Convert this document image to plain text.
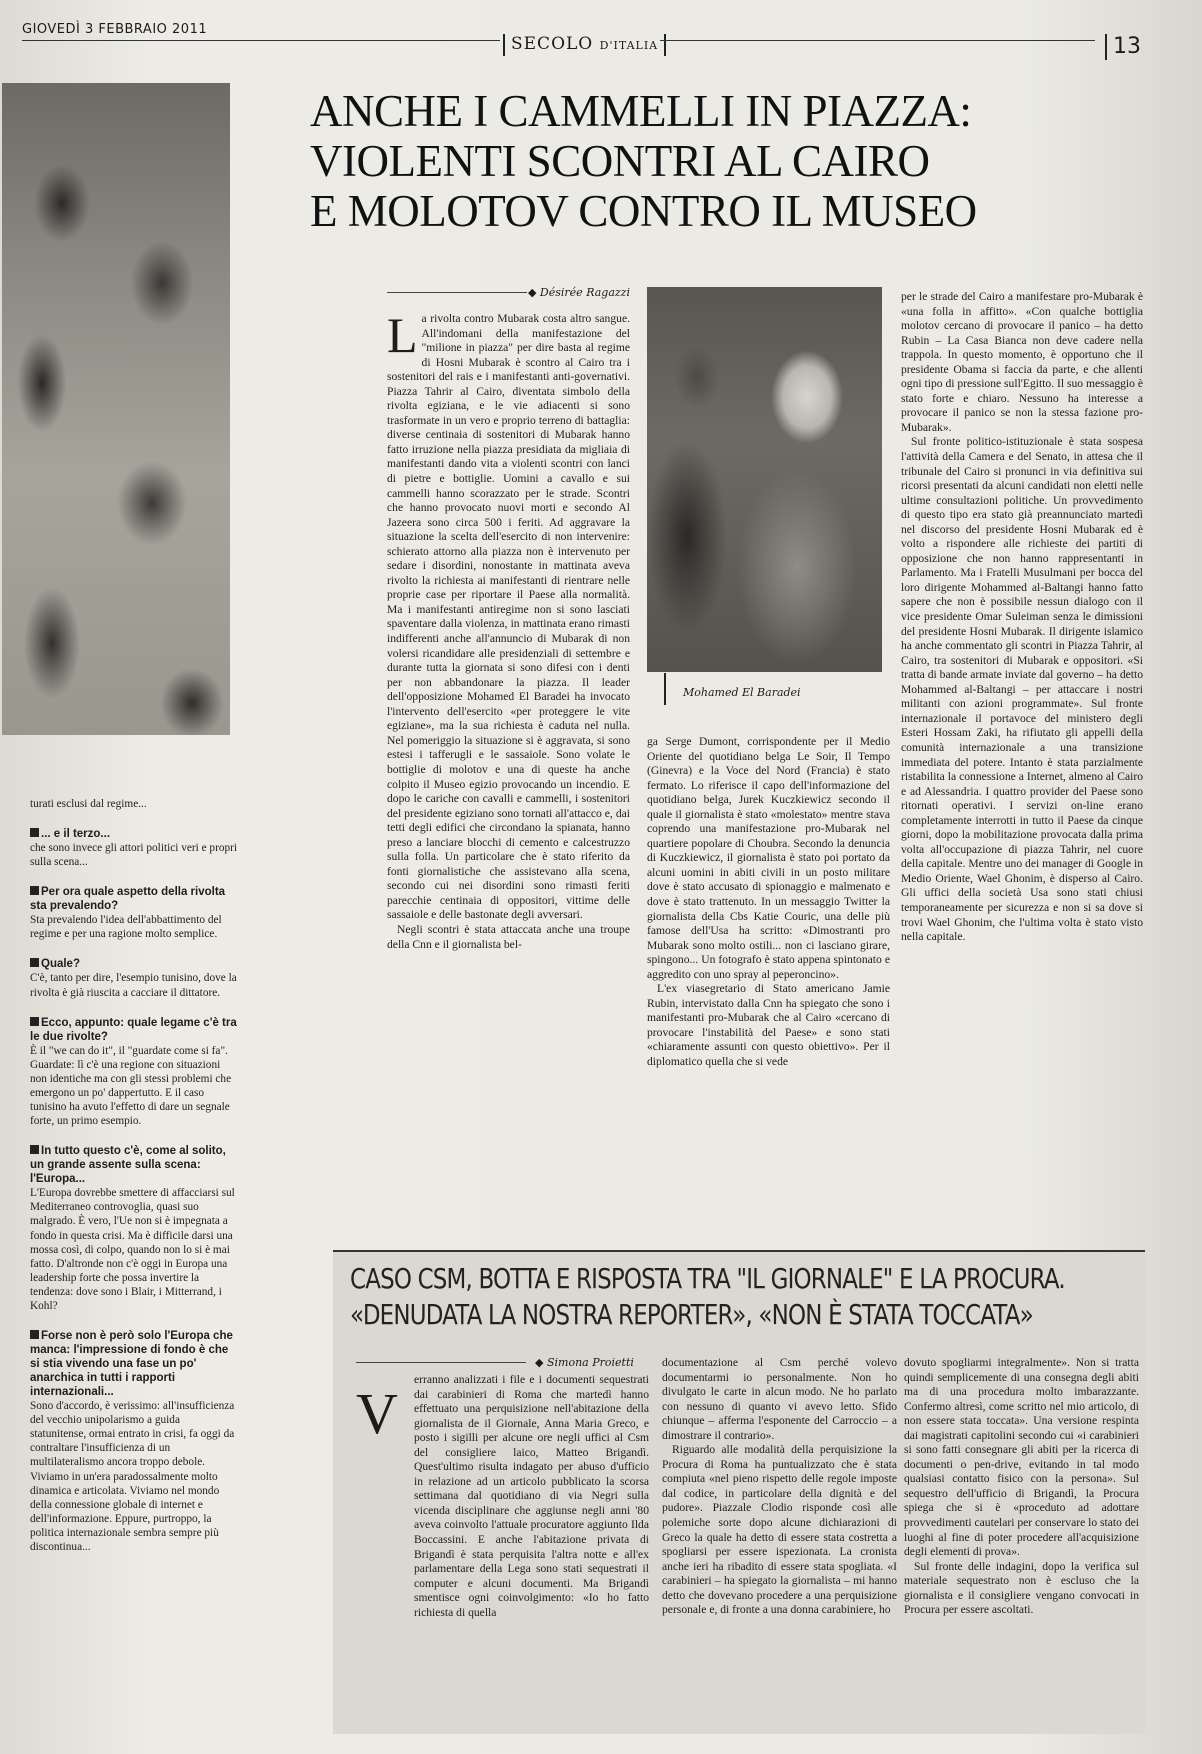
GIOVEDÌ 3 FEBBRAIO 2011
SECOLO D'ITALIA	13
ANCHE I CAMMELLI IN PIAZZA:
VIOLENTI SCONTRI AL CAIRO
E MOLOTOV CONTRO IL MUSEO
◆ Désirée Ragazzi

La rivolta contro Mubarak costa altro sangue. All'indomani della manifestazione del "milione in piazza" per dire basta al regime di Hosni Mubarak è scontro al Cairo tra i sostenitori del rais e i manifestanti anti-governativi. Piazza Tahrir al Cairo, diventata simbolo della rivolta egiziana, e le vie adiacenti si sono trasformate in un vero e proprio terreno di battaglia: diverse centinaia di sostenitori di Mubarak hanno fatto irruzione nella piazza presidiata da migliaia di manifestanti dando vita a violenti scontri con lanci di pietre e bottiglie. Uomini a cavallo e sui cammelli hanno scorazzato per le strade. Scontri che hanno provocato nuovi morti e secondo Al Jazeera sono circa 500 i feriti. Ad aggravare la situazione la scelta dell'esercito di non intervenire: schierato attorno alla piazza non è intervenuto per sedare i disordini, nonostante in mattinata aveva rivolto la richiesta ai manifestanti di rientrare nelle proprie case per riportare il Paese alla normalità. Ma i manifestanti antiregime non si sono lasciati spaventare dalla violenza, in mattinata erano rimasti indifferenti anche all'annuncio di Mubarak di non volersi ricandidare alle presidenziali di settembre e durante tutta la giornata si sono difesi con i denti per non abbandonare la piazza. Il leader dell'opposizione Mohamed El Baradei ha invocato l'intervento dell'esercito «per proteggere le vite egiziane», ma la sua richiesta è caduta nel nulla. Nel pomeriggio la situazione si è aggravata, si sono estesi i tafferugli e le sassaiole. Sono volate le bottiglie di molotov e una di queste ha anche colpito il Museo egizio provocando un incendio. E dopo le cariche con cavalli e cammelli, i sostenitori del presidente egiziano sono tornati all'attacco e, dai tetti degli edifici che circondano la spianata, hanno preso a lanciare blocchi di cemento e calcestruzzo sulla folla. Un particolare che è stato riferito da fonti giornalistiche che assistevano alla scena, secondo cui nei disordini sono rimasti feriti parecchie centinaia di oppositori, vittime delle sassaiole e delle bastonate degli avversari.

Negli scontri è stata attaccata anche una troupe della Cnn e il giornalista bel-

Mohamed El Baradei

ga Serge Dumont, corrispondente per il Medio Oriente del quotidiano belga Le Soir, Il Tempo (Ginevra) e la Voce del Nord (Francia) è stato fermato. Lo riferisce il capo dell'informazione del quotidiano belga, Jurek Kuczkiewicz secondo il quale il giornalista è stato «molestato» mentre stava coprendo una manifestazione pro-Mubarak nel quartiere popolare di Choubra. Secondo la denuncia di Kuczkiewicz, il giornalista è stato poi portato da alcuni uomini in abiti civili in un posto militare dove è stato accusato di spionaggio e malmenato e dove è stato trattenuto. In un messaggio Twitter la giornalista della Cbs Katie Couric, una delle più famose dell'Usa ha scritto: «Dimostranti pro Mubarak sono molto ostili... non ci lasciano girare, spingono... Un fotografo è stato appena spintonato e aggredito con uno spray al peperoncino».

L'ex viasegretario di Stato americano Jamie Rubin, intervistato dalla Cnn ha spiegato che sono i manifestanti pro-Mubarak che al Cairo «cercano di provocare l'instabilità del Paese» e sono stati «chiaramente assunti con questo obiettivo». Per il diplomatico quella che si vede

per le strade del Cairo a manifestare pro-Mubarak è «una folla in affitto». «Con qualche bottiglia molotov cercano di provocare il panico – ha detto Rubin – La Casa Bianca non deve cadere nella trappola. In questo momento, è opportuno che il presidente Obama si faccia da parte, e che allenti ogni tipo di pressione sull'Egitto. Il suo messaggio è stato forte e chiaro. Nessuno ha interesse a provocare il panico se non la stessa fazione pro-Mubarak».

Sul fronte politico-istituzionale è stata sospesa l'attività della Camera e del Senato, in attesa che il tribunale del Cairo si pronunci in via definitiva sui ricorsi presentati da alcuni candidati non eletti nelle ultime consultazioni politiche. Un provvedimento di questo tipo era stato già preannunciato martedì nel discorso del presidente Hosni Mubarak ed è volto a rispondere alle richieste dei partiti di opposizione che non hanno rappresentanti in Parlamento. Ma i Fratelli Musulmani per bocca del loro dirigente Mohammed al-Baltangi hanno fatto sapere che non è possibile nessun dialogo con il vice presidente Omar Suleiman senza le dimissioni del presidente Hosni Mubarak. Il dirigente islamico ha anche commentato gli scontri in Piazza Tahrir, al Cairo, tra sostenitori di Mubarak e oppositori. «Si tratta di bande armate inviate dal governo – ha detto Mohammed al-Baltangi – per attaccare i nostri militanti con azioni programmate». Sul fronte internazionale il portavoce del ministero degli Esteri Hossam Zaki, ha rifiutato gli appelli della comunità internazionale a una transizione immediata del potere. Intanto è stata parzialmente ristabilita la connessione a Internet, almeno al Cairo e ad Alessandria. I quattro provider del Paese sono ritornati operativi. I servizi on-line erano completamente interrotti in tutto il Paese da cinque giorni, dopo la mobilitazione provocata dalla prima volta all'occupazione di piazza Tahrir, nel cuore della capitale. Mentre uno dei manager di Google in Medio Oriente, Wael Ghonim, è disperso al Cairo. Gli uffici della società Usa sono stati chiusi temporaneamente per sicurezza e non si sa dove si trovi Wael Ghonim, che l'ultima volta è stato visto nella capitale.

turati esclusi dal regime...
... e il terzo...
che sono invece gli attori politici veri e propri sulla scena...
Per ora quale aspetto della rivolta sta prevalendo?
Sta prevalendo l'idea dell'abbattimento del regime e per una ragione molto semplice.
Quale?
C'è, tanto per dire, l'esempio tunisino, dove la rivolta è già riuscita a cacciare il dittatore.
Ecco, appunto: quale legame c'è tra le due rivolte?
È il "we can do it", il "guardate come si fa". Guardate: lì c'è una regione con situazioni non identiche ma con gli stessi problemi che emergono un po' dappertutto. E il caso tunisino ha avuto l'effetto di dare un segnale forte, un primo esempio.
In tutto questo c'è, come al solito, un grande assente sulla scena: l'Europa...
L'Europa dovrebbe smettere di affacciarsi sul Mediterraneo controvoglia, quasi suo malgrado. È vero, l'Ue non si è impegnata a fondo in questa crisi. Ma è difficile darsi una mossa così, di colpo, quando non lo si è mai fatto. D'altronde non c'è oggi in Europa una leadership forte che possa invertire la tendenza: dove sono i Blair, i Mitterrand, i Kohl?
Forse non è però solo l'Europa che manca: l'impressione di fondo è che si stia vivendo una fase un po' anarchica in tutti i rapporti internazionali...
Sono d'accordo, è verissimo: all'insufficienza del vecchio unipolarismo a guida statunitense, ormai entrato in crisi, fa oggi da contraltare l'insufficienza di un multilateralismo ancora troppo debole. Viviamo in un'era paradossalmente molto dinamica e articolata. Viviamo nel mondo della connessione globale di internet e dell'informazione. Eppure, purtroppo, la politica internazionale sembra sempre più discontinua...
CASO CSM, BOTTA E RISPOSTA TRA "IL GIORNALE" E LA PROCURA.
«DENUDATA LA NOSTRA REPORTER», «NON È STATA TOCCATA»
◆ Simona Proietti
V

erranno analizzati i file e i documenti sequestrati dai carabinieri di Roma che martedì hanno effettuato una perquisizione nell'abitazione della giornalista de il Giornale, Anna Maria Greco, e posto i sigilli per alcune ore negli uffici al Csm del consigliere laico, Matteo Brigandì. Quest'ultimo risulta indagato per abuso d'ufficio in relazione ad un articolo pubblicato la scorsa settimana dal quotidiano di via Negri sulla vicenda disciplinare che aggiunse negli anni '80 aveva coinvolto l'attuale procuratore aggiunto Ilda Boccassini. E anche l'abitazione privata di Brigandì è stata perquisita l'altra notte e all'ex parlamentare della Lega sono stati sequestrati il computer e alcuni documenti. Ma Brigandì smentisce ogni coinvolgimento: «Io ho fatto richiesta di quella

documentazione al Csm perché volevo documentarmi io personalmente. Non ho divulgato le carte in alcun modo. Ne ho parlato con nessuno di quanto vi avevo letto. Sfido chiunque – afferma l'esponente del Carroccio – a dimostrare il contrario».

Riguardo alle modalità della perquisizione la Procura di Roma ha puntualizzato che è stata compiuta «nel pieno rispetto delle regole imposte dal codice, in particolare della dignità e del pudore». Piazzale Clodio risponde così alle polemiche sorte dopo alcune dichiarazioni di Greco la quale ha detto di essere stata costretta a spogliarsi per essere ispezionata. La cronista anche ieri ha ribadito di essere stata spogliata. «I carabinieri – ha spiegato la giornalista – mi hanno detto che dovevano procedere a una perquisizione personale e, di fronte a una donna carabiniere, ho

dovuto spogliarmi integralmente». Non si tratta quindi semplicemente di una consegna degli abiti ma di una procedura molto imbarazzante. Confermo altresì, come scritto nel mio articolo, di non essere stata toccata». Una versione respinta dai magistrati capitolini secondo cui «i carabinieri si sono fatti consegnare gli abiti per la ricerca di documenti o pen-drive, evitando in tal modo qualsiasi contatto fisico con la persona». Sul sequestro dell'ufficio di Brigandì, la Procura spiega che si è «proceduto ad adottare provvedimenti cautelari per conservare lo stato dei luoghi al fine di poter procedere all'acquisizione degli elementi di prova».

Sul fronte delle indagini, dopo la verifica sul materiale sequestrato non è escluso che la giornalista e il consigliere vengano convocati in Procura per essere ascoltati.
